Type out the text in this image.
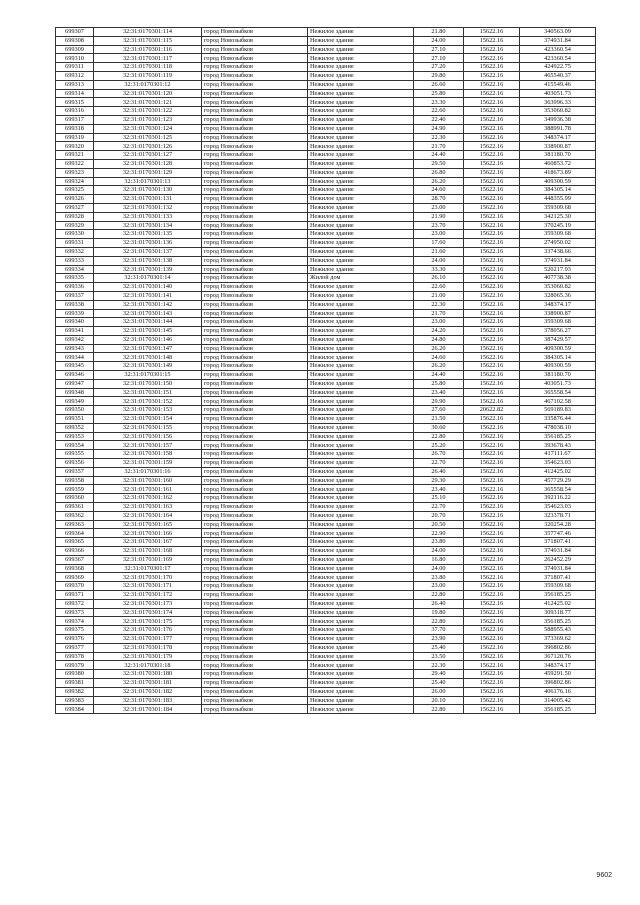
699307	32:31:0170301:114	город Новозыбков	Нежилое здание	21.80	15622.16	340563.09
699308	32:31:0170301:115	город Новозыбков	Нежилое здание	24.00	15622.16	374931.84
699309	32:31:0170301:116	город Новозыбков	Нежилое здание	27.10	15622.16	423360.54
699310	32:31:0170301:117	город Новозыбков	Нежилое здание	27.10	15622.16	423360.54
699311	32:31:0170301:118	город Новозыбков	Нежилое здание	27.20	15622.16	424922.75
699312	32:31:0170301:119	город Новозыбков	Нежилое здание	29.80	15622.16	465540.37
699313	32:31:0170301:12	город Новозыбков	Нежилое здание	26.60	15622.16	415549.46
699314	32:31:0170301:120	город Новозыбков	Нежилое здание	25.80	15622.16	403051.73
699315	32:31:0170301:121	город Новозыбков	Нежилое здание	23.30	15622.16	363996.33
699316	32:31:0170301:122	город Новозыбков	Нежилое здание	22.60	15622.16	353060.82
699317	32:31:0170301:123	город Новозыбков	Нежилое здание	22.40	15622.16	349936.38
699318	32:31:0170301:124	город Новозыбков	Нежилое здание	24.90	15622.16	388991.78
699319	32:31:0170301:125	город Новозыбков	Нежилое здание	22.30	15622.16	348374.17
699320	32:31:0170301:126	город Новозыбков	Нежилое здание	21.70	15622.16	338900.87
699321	32:31:0170301:127	город Новозыбков	Нежилое здание	24.40	15622.16	381180.70
699322	32:31:0170301:128	город Новозыбков	Нежилое здание	29.50	15622.16	460853.72
699323	32:31:0170301:129	город Новозыбков	Нежилое здание	26.80	15622.16	418673.89
699324	32:31:0170301:13	город Новозыбков	Нежилое здание	26.20	15622.16	409300.59
699325	32:31:0170301:130	город Новозыбков	Нежилое здание	24.60	15622.16	384305.14
699326	32:31:0170301:131	город Новозыбков	Нежилое здание	28.70	15622.16	448355.99
699327	32:31:0170301:132	город Новозыбков	Нежилое здание	23.00	15622.16	359309.68
699328	32:31:0170301:133	город Новозыбков	Нежилое здание	21.90	15622.16	342125.30
699329	32:31:0170301:134	город Новозыбков	Нежилое здание	23.70	15622.16	370245.19
699330	32:31:0170301:135	город Новозыбков	Нежилое здание	23.00	15622.16	359309.68
699331	32:31:0170301:136	город Новозыбков	Нежилое здание	17.60	15622.16	274950.02
699332	32:31:0170301:137	город Новозыбков	Нежилое здание	21.60	15622.16	337438.66
699333	32:31:0170301:138	город Новозыбков	Нежилое здание	24.00	15622.16	374931.84
699334	32:31:0170301:139	город Новозыбков	Нежилое здание	33.30	15622.16	520217.93
699335	32:31:0170301:14	город Новозыбков	Жилой дом	26.10	15622.16	407738.38
699336	32:31:0170301:140	город Новозыбков	Нежилое здание	22.60	15622.16	353060.82
699337	32:31:0170301:141	город Новозыбков	Нежилое здание	21.00	15622.16	328065.36
699338	32:31:0170301:142	город Новозыбков	Нежилое здание	22.30	15622.16	348374.17
699339	32:31:0170301:143	город Новозыбков	Нежилое здание	21.70	15622.16	338900.87
699340	32:31:0170301:144	город Новозыбков	Нежилое здание	23.00	15622.16	359309.68
699341	32:31:0170301:145	город Новозыбков	Нежилое здание	24.20	15622.16	378056.27
699342	32:31:0170301:146	город Новозыбков	Нежилое здание	24.80	15622.16	387429.57
699343	32:31:0170301:147	город Новозыбков	Нежилое здание	26.20	15622.16	409300.59
699344	32:31:0170301:148	город Новозыбков	Нежилое здание	24.60	15622.16	384305.14
699345	32:31:0170301:149	город Новозыбков	Нежилое здание	26.20	15622.16	409300.59
699346	32:31:0170301:15	город Новозыбков	Нежилое здание	24.40	15622.16	381180.70
699347	32:31:0170301:150	город Новозыбков	Нежилое здание	25.80	15622.16	403051.73
699348	32:31:0170301:151	город Новозыбков	Нежилое здание	23.40	15622.16	365558.54
699349	32:31:0170301:152	город Новозыбков	Нежилое здание	29.90	15622.16	467102.58
699350	32:31:0170301:153	город Новозыбков	Нежилое здание	27.60	20622.82	569189.83
699351	32:31:0170301:154	город Новозыбков	Нежилое здание	21.50	15622.16	335876.44
699352	32:31:0170301:155	город Новозыбков	Нежилое здание	30.60	15622.16	478038.10
699353	32:31:0170301:156	город Новозыбков	Нежилое здание	22.80	15622.16	356185.25
699354	32:31:0170301:157	город Новозыбков	Нежилое здание	25.20	15622.16	393678.43
699355	32:31:0170301:158	город Новозыбков	Нежилое здание	26.70	15622.16	417111.67
699356	32:31:0170301:159	город Новозыбков	Нежилое здание	22.70	15622.16	354623.03
699357	32:31:0170301:16	город Новозыбков	Нежилое здание	26.40	15622.16	412425.02
699358	32:31:0170301:160	город Новозыбков	Нежилое здание	29.30	15622.16	457729.29
699359	32:31:0170301:161	город Новозыбков	Нежилое здание	23.40	15622.16	365558.54
699360	32:31:0170301:162	город Новозыбков	Нежилое здание	25.10	15622.16	392116.22
699361	32:31:0170301:163	город Новозыбков	Нежилое здание	22.70	15622.16	354623.03
699362	32:31:0170301:164	город Новозыбков	Нежилое здание	20.70	15622.16	323378.71
699363	32:31:0170301:165	город Новозыбков	Нежилое здание	20.50	15622.16	320254.28
699364	32:31:0170301:166	город Новозыбков	Нежилое здание	22.90	15622.16	357747.46
699365	32:31:0170301:167	город Новозыбков	Нежилое здание	23.80	15622.16	371807.41
699366	32:31:0170301:168	город Новозыбков	Нежилое здание	24.00	15622.16	374931.84
699367	32:31:0170301:169	город Новозыбков	Нежилое здание	16.80	15622.16	262452.29
699368	32:31:0170301:17	город Новозыбков	Нежилое здание	24.00	15622.16	374931.84
699369	32:31:0170301:170	город Новозыбков	Нежилое здание	23.80	15622.16	371807.41
699370	32:31:0170301:171	город Новозыбков	Нежилое здание	23.00	15622.16	359309.68
699371	32:31:0170301:172	город Новозыбков	Нежилое здание	22.80	15622.16	356185.25
699372	32:31:0170301:173	город Новозыбков	Нежилое здание	26.40	15622.16	412425.02
699373	32:31:0170301:174	город Новозыбков	Нежилое здание	19.80	15622.16	309318.77
699374	32:31:0170301:175	город Новозыбков	Нежилое здание	22.80	15622.16	356185.25
699375	32:31:0170301:176	город Новозыбков	Нежилое здание	37.70	15622.16	588955.43
699376	32:31:0170301:177	город Новозыбков	Нежилое здание	23.90	15622.16	373369.62
699377	32:31:0170301:178	город Новозыбков	Нежилое здание	25.40	15622.16	396802.86
699378	32:31:0170301:179	город Новозыбков	Нежилое здание	23.50	15622.16	367120.76
699379	32:31:0170301:18	город Новозыбков	Нежилое здание	22.30	15622.16	348374.17
699380	32:31:0170301:180	город Новозыбков	Нежилое здание	29.40	15622.16	459291.50
699381	32:31:0170301:181	город Новозыбков	Нежилое здание	25.40	15622.16	396802.86
699382	32:31:0170301:182	город Новозыбков	Нежилое здание	26.00	15622.16	406176.16
699383	32:31:0170301:183	город Новозыбков	Нежилое здание	20.10	15622.16	314005.42
699384	32:31:0170301:184	город Новозыбков	Нежилое здание	22.80	15622.16	356185.25
9602
